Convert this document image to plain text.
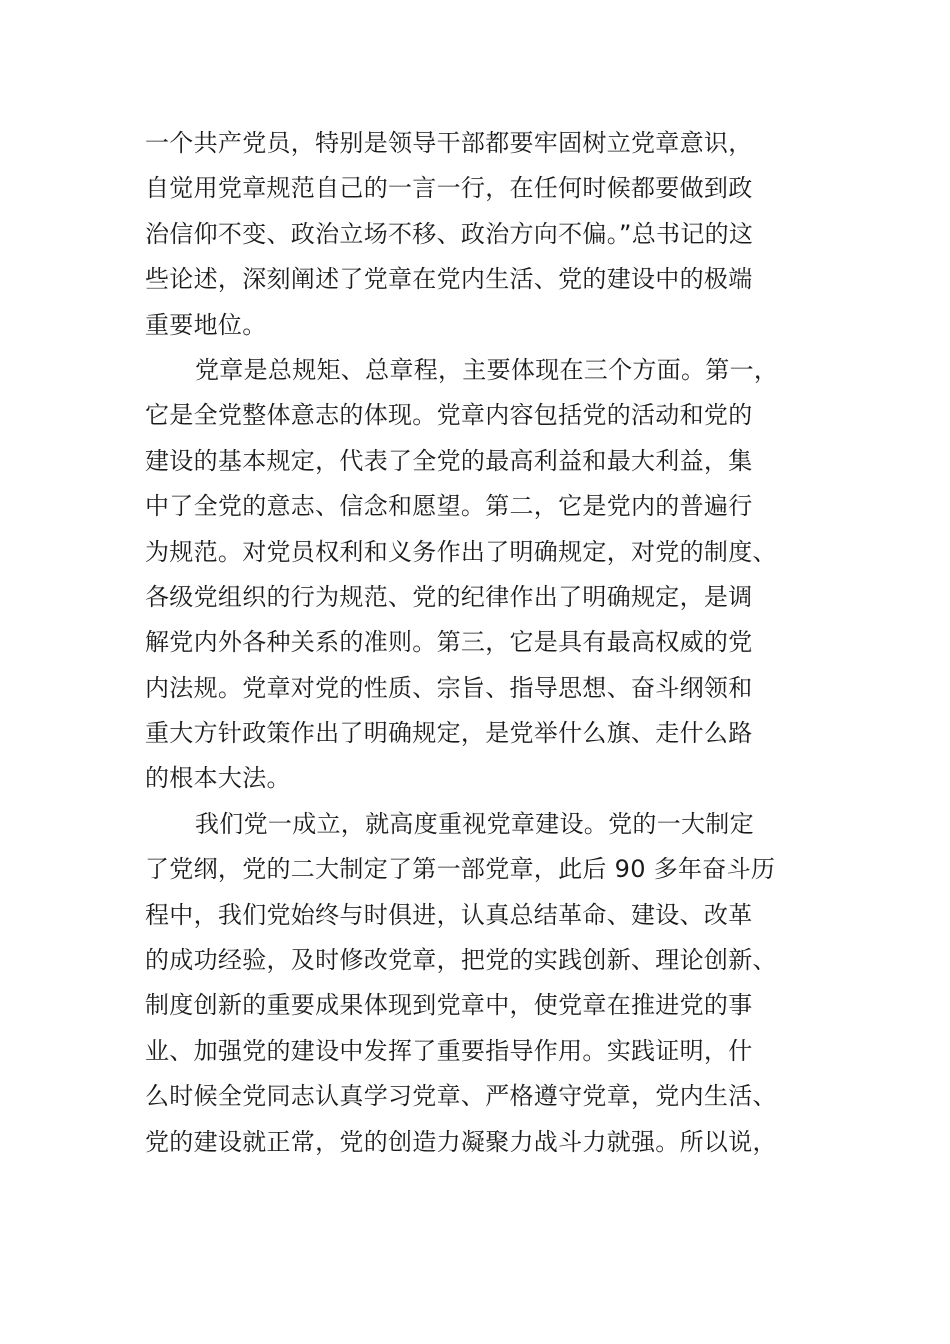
一个共产党员，特别是领导干部都要牢固树立党章意识，
自觉用党章规范自己的一言一行，在任何时候都要做到政
治信仰不变、政治立场不移、政治方向不偏。”总书记的这
些论述，深刻阐述了党章在党内生活、党的建设中的极端
重要地位。
党章是总规矩、总章程，主要体现在三个方面。第一，
它是全党整体意志的体现。党章内容包括党的活动和党的
建设的基本规定，代表了全党的最高利益和最大利益，集
中了全党的意志、信念和愿望。第二，它是党内的普遍行
为规范。对党员权利和义务作出了明确规定，对党的制度、
各级党组织的行为规范、党的纪律作出了明确规定，是调
解党内外各种关系的准则。第三，它是具有最高权威的党
内法规。党章对党的性质、宗旨、指导思想、奋斗纲领和
重大方针政策作出了明确规定，是党举什么旗、走什么路
的根本大法。
我们党一成立，就高度重视党章建设。党的一大制定
了党纲，党的二大制定了第一部党章，此后 90 多年奋斗历
程中，我们党始终与时俱进，认真总结革命、建设、改革
的成功经验，及时修改党章，把党的实践创新、理论创新、
制度创新的重要成果体现到党章中，使党章在推进党的事
业、加强党的建设中发挥了重要指导作用。实践证明，什
么时候全党同志认真学习党章、严格遵守党章，党内生活、
党的建设就正常，党的创造力凝聚力战斗力就强。所以说，
